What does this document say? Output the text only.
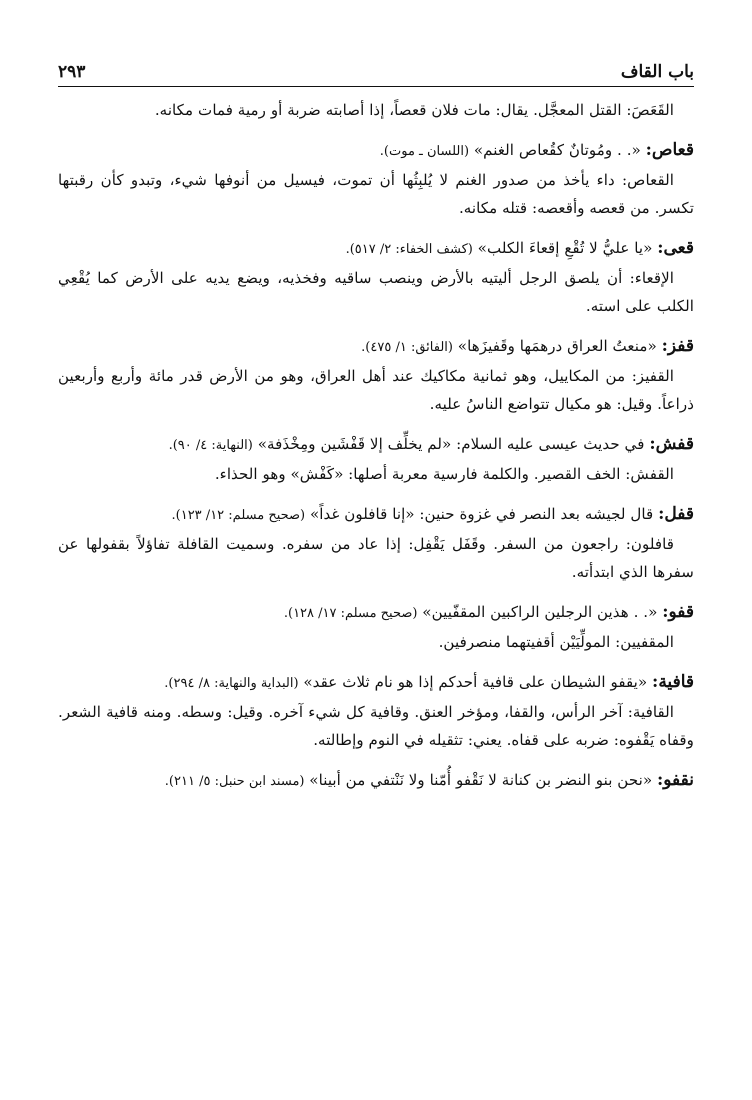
باب القاف
٢٩٣

القَعَصَ: القتل المعجَّل. يقال: مات فلان قعصاً، إذا أصابته ضربة أو رمية فمات مكانه.

قعاص: «. . ومُوتانٌ كقُعاص الغنم» (اللسان ـ موت).

القعاص: داء يأخذ من صدور الغنم لا يُلبِثُها أن تموت، فيسيل من أنوفها شيء، وتبدو كأن رقبتها تكسر. من قعصه وأقعصه: قتله مكانه.

قعى: «يا عليُّ لا تُقْعِ إقعاءَ الكلب» (كشف الخفاء: ٢/ ٥١٧).

الإقعاء: أن يلصق الرجل أليتيه بالأرض وينصب ساقيه وفخذيه، ويضع يديه على الأرض كما يُقْعِي الكلب على استه.

قفز: «منعتُ العراق درهمَها وقَفيزَها» (الفائق: ١/ ٤٧٥).

القفيز: من المكاييل، وهو ثمانية مكاكيك عند أهل العراق، وهو من الأرض قدر مائة وأربع وأربعين ذراعاً. وقيل: هو مكيال تتواضع الناسُ عليه.

قفش: في حديث عيسى عليه السلام: «لم يخلِّف إلا قَفْشَين ومِخْذَفة» (النهاية: ٤/ ٩٠).

القفش: الخف القصير. والكلمة فارسية معربة أصلها: «كَفْش» وهو الحذاء.

قفل: قال لجيشه بعد النصر في غزوة حنين: «إنا قافلون غداً» (صحيح مسلم: ١٢/ ١٢٣).

قافلون: راجعون من السفر. وقَفَل يَقْفِل: إذا عاد من سفره. وسميت القافلة تفاؤلاً بقفولها عن سفرها الذي ابتدأته.

قفو: «. . هذين الرجلين الراكبين المقفّيين» (صحيح مسلم: ١٧/ ١٢٨).

المقفيين: المولِّيَيْن أقفيتهما منصرفين.

قافية: «يقفو الشيطان على قافية أحدكم إذا هو نام ثلاث عقد» (البداية والنهاية: ٨/ ٢٩٤).

القافية: آخر الرأس، والقفا، ومؤخر العنق. وقافية كل شيء آخره. وقيل: وسطه. ومنه قافية الشعر. وقفاه يَقْفوه: ضربه على قفاه. يعني: تثقيله في النوم وإطالته.

نقفو: «نحن بنو النضر بن كنانة لا نَقْفو أُمّنا ولا نَنْتفي من أبينا» (مسند ابن حنبل: ٥/ ٢١١).
